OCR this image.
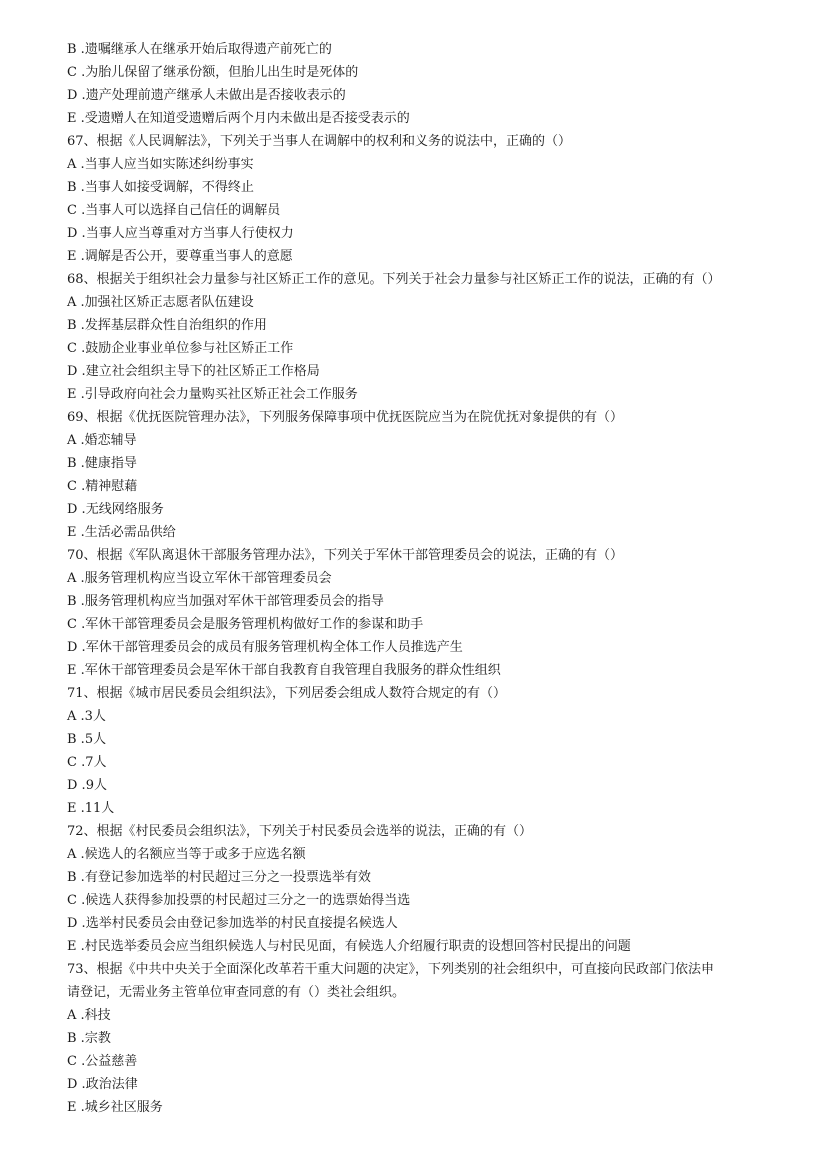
B .遗嘱继承人在继承开始后取得遗产前死亡的
C .为胎儿保留了继承份额，但胎儿出生时是死体的
D .遗产处理前遗产继承人未做出是否接收表示的
E .受遗赠人在知道受遗赠后两个月内未做出是否接受表示的
67、根据《人民调解法》，下列关于当事人在调解中的权利和义务的说法中，正确的（）
A .当事人应当如实陈述纠纷事实
B .当事人如接受调解，不得终止
C .当事人可以选择自己信任的调解员
D .当事人应当尊重对方当事人行使权力
E .调解是否公开，要尊重当事人的意愿
68、根据关于组织社会力量参与社区矫正工作的意见。下列关于社会力量参与社区矫正工作的说法，正确的有（）
A .加强社区矫正志愿者队伍建设
B .发挥基层群众性自治组织的作用
C .鼓励企业事业单位参与社区矫正工作
D .建立社会组织主导下的社区矫正工作格局
E .引导政府向社会力量购买社区矫正社会工作服务
69、根据《优抚医院管理办法》，下列服务保障事项中优抚医院应当为在院优抚对象提供的有（）
A .婚恋辅导
B .健康指导
C .精神慰藉
D .无线网络服务
E .生活必需品供给
70、根据《军队离退休干部服务管理办法》，下列关于军休干部管理委员会的说法，正确的有（）
A .服务管理机构应当设立军休干部管理委员会
B .服务管理机构应当加强对军休干部管理委员会的指导
C .军休干部管理委员会是服务管理机构做好工作的参谋和助手
D .军休干部管理委员会的成员有服务管理机构全体工作人员推选产生
E .军休干部管理委员会是军休干部自我教育自我管理自我服务的群众性组织
71、根据《城市居民委员会组织法》，下列居委会组成人数符合规定的有（）
A .3人
B .5人
C .7人
D .9人
E .11人
72、根据《村民委员会组织法》，下列关于村民委员会选举的说法，正确的有（）
A .候选人的名额应当等于或多于应选名额
B .有登记参加选举的村民超过三分之一投票选举有效
C .候选人获得参加投票的村民超过三分之一的选票始得当选
D .选举村民委员会由登记参加选举的村民直接提名候选人
E .村民选举委员会应当组织候选人与村民见面，有候选人介绍履行职责的设想回答村民提出的问题
73、根据《中共中央关于全面深化改革若干重大问题的决定》，下列类别的社会组织中，可直接向民政部门依法申
请登记，无需业务主管单位审查同意的有（）类社会组织。
A .科技
B .宗教
C .公益慈善
D .政治法律
E .城乡社区服务
